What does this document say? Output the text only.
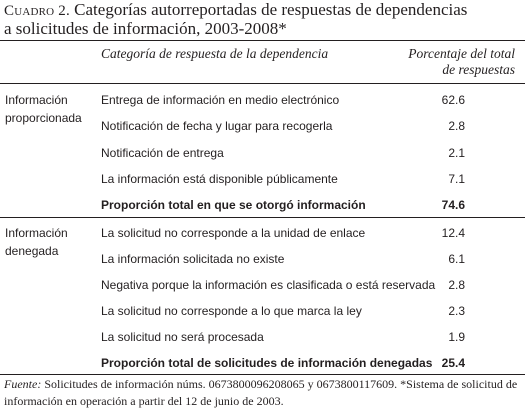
Cuadro 2. Categorías autorreportadas de respuestas de dependencias
a solicitudes de información, 2003-2008*
Categoría de respuesta de la dependencia	Porcentaje del total
de respuestas
Información
proporcionada
Entrega de información en medio electrónico	62.6
Notificación de fecha y lugar para recogerla	2.8
Notificación de entrega	2.1
La información está disponible públicamente	7.1
Proporción total en que se otorgó información	74.6
Información
denegada
La solicitud no corresponde a la unidad de enlace	12.4
La información solicitada no existe	6.1
Negativa porque la información es clasificada o está reservada 2.8
La solicitud no corresponde a lo que marca la ley	2.3
La solicitud no será procesada	1.9
Proporción total de solicitudes de información denegadas 25.4
Fuente: Solicitudes de información núms. 0673800096208065 y 0673800117609. *Sistema de solicitud de información en operación a partir del 12 de junio de 2003.
